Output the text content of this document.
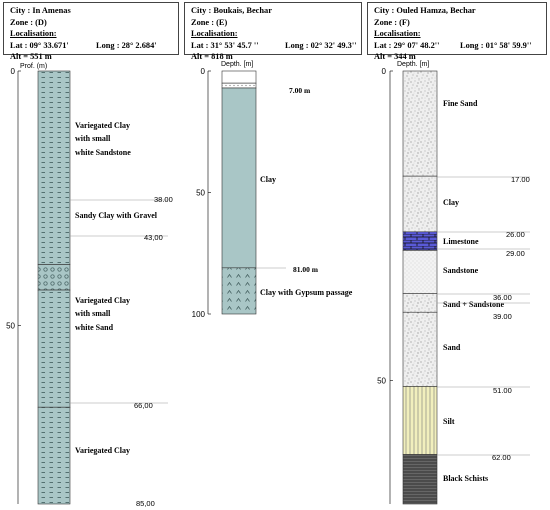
City : In Amenas
Zone : (D)
Localisation:
Lat : 09° 33.671'	Long : 28° 2.684'
Alt = 551 m
City : Boukais, Bechar
Zone : (E)
Localisation:
Lat : 31° 53' 45.7 ''	Long : 02° 32' 49.3''
Alt = 818 m
City : Ouled Hamza, Bechar
Zone : (F)
Localisation:
Lat : 29° 07' 48.2'' Long : 01° 58' 59.9''
Alt = 344 m
0
50
Prof. (m)
Variegated Clay
with small
white Sandstone
Sandy Clay with Gravel
Variegated Clay
with small
white Sand
Variegated Clay
38.00
43,00
66,00
85,00
0
50
100
Depth. [m]
Clay
Clay with Gypsum passage
7.00 m
81.00 m
0
50
Depth. [m]
Fine Sand
Clay
Limestone
Sandstone
Sand + Sandstone
Sand
Silt
Black Schists
17.00
26.00
29.00
36.00
39.00
51.00
62.00
